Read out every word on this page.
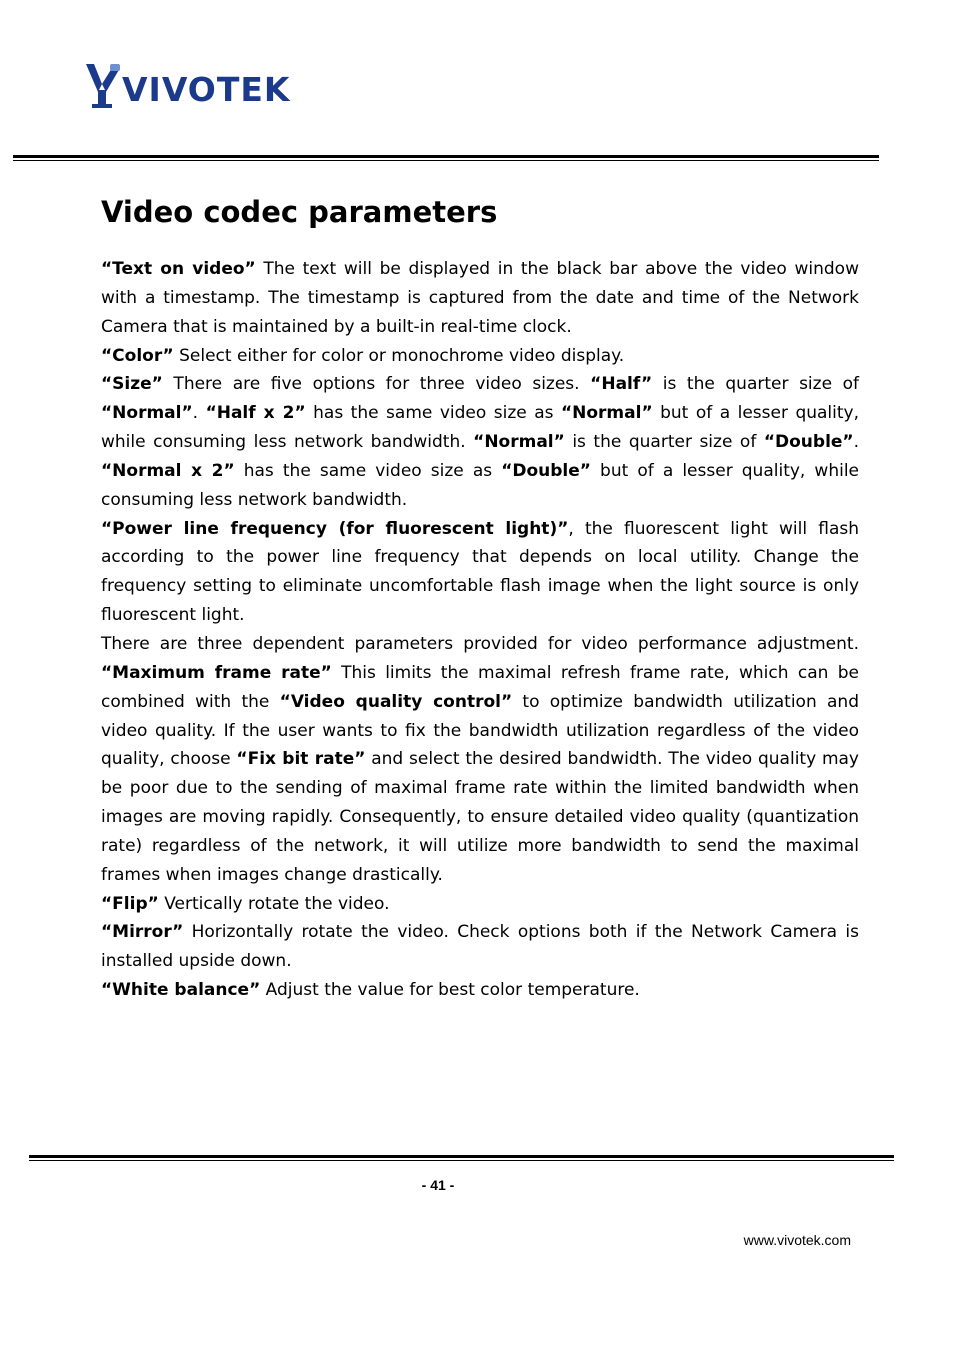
VIVOTEK
Video codec parameters

“Text on video” The text will be displayed in the black bar above the video window with a timestamp. The timestamp is captured from the date and time of the Network Camera that is maintained by a built-in real-time clock.

“Color” Select either for color or monochrome video display.

“Size” There are five options for three video sizes. “Half” is the quarter size of “Normal”. “Half x 2” has the same video size as “Normal” but of a lesser quality, while consuming less network bandwidth. “Normal” is the quarter size of “Double”. “Normal x 2” has the same video size as “Double” but of a lesser quality, while consuming less network bandwidth.

“Power line frequency (for fluorescent light)”, the fluorescent light will flash according to the power line frequency that depends on local utility. Change the frequency setting to eliminate uncomfortable flash image when the light source is only fluorescent light.

There are three dependent parameters provided for video performance adjustment. “Maximum frame rate” This limits the maximal refresh frame rate, which can be combined with the “Video quality control” to optimize bandwidth utilization and video quality. If the user wants to fix the bandwidth utilization regardless of the video quality, choose “Fix bit rate” and select the desired bandwidth. The video quality may be poor due to the sending of maximal frame rate within the limited bandwidth when images are moving rapidly. Consequently, to ensure detailed video quality (quantization rate) regardless of the network, it will utilize more bandwidth to send the maximal frames when images change drastically.

“Flip” Vertically rotate the video.

“Mirror” Horizontally rotate the video. Check options both if the Network Camera is installed upside down.

“White balance” Adjust the value for best color temperature.

- 41 -
www.vivotek.com
